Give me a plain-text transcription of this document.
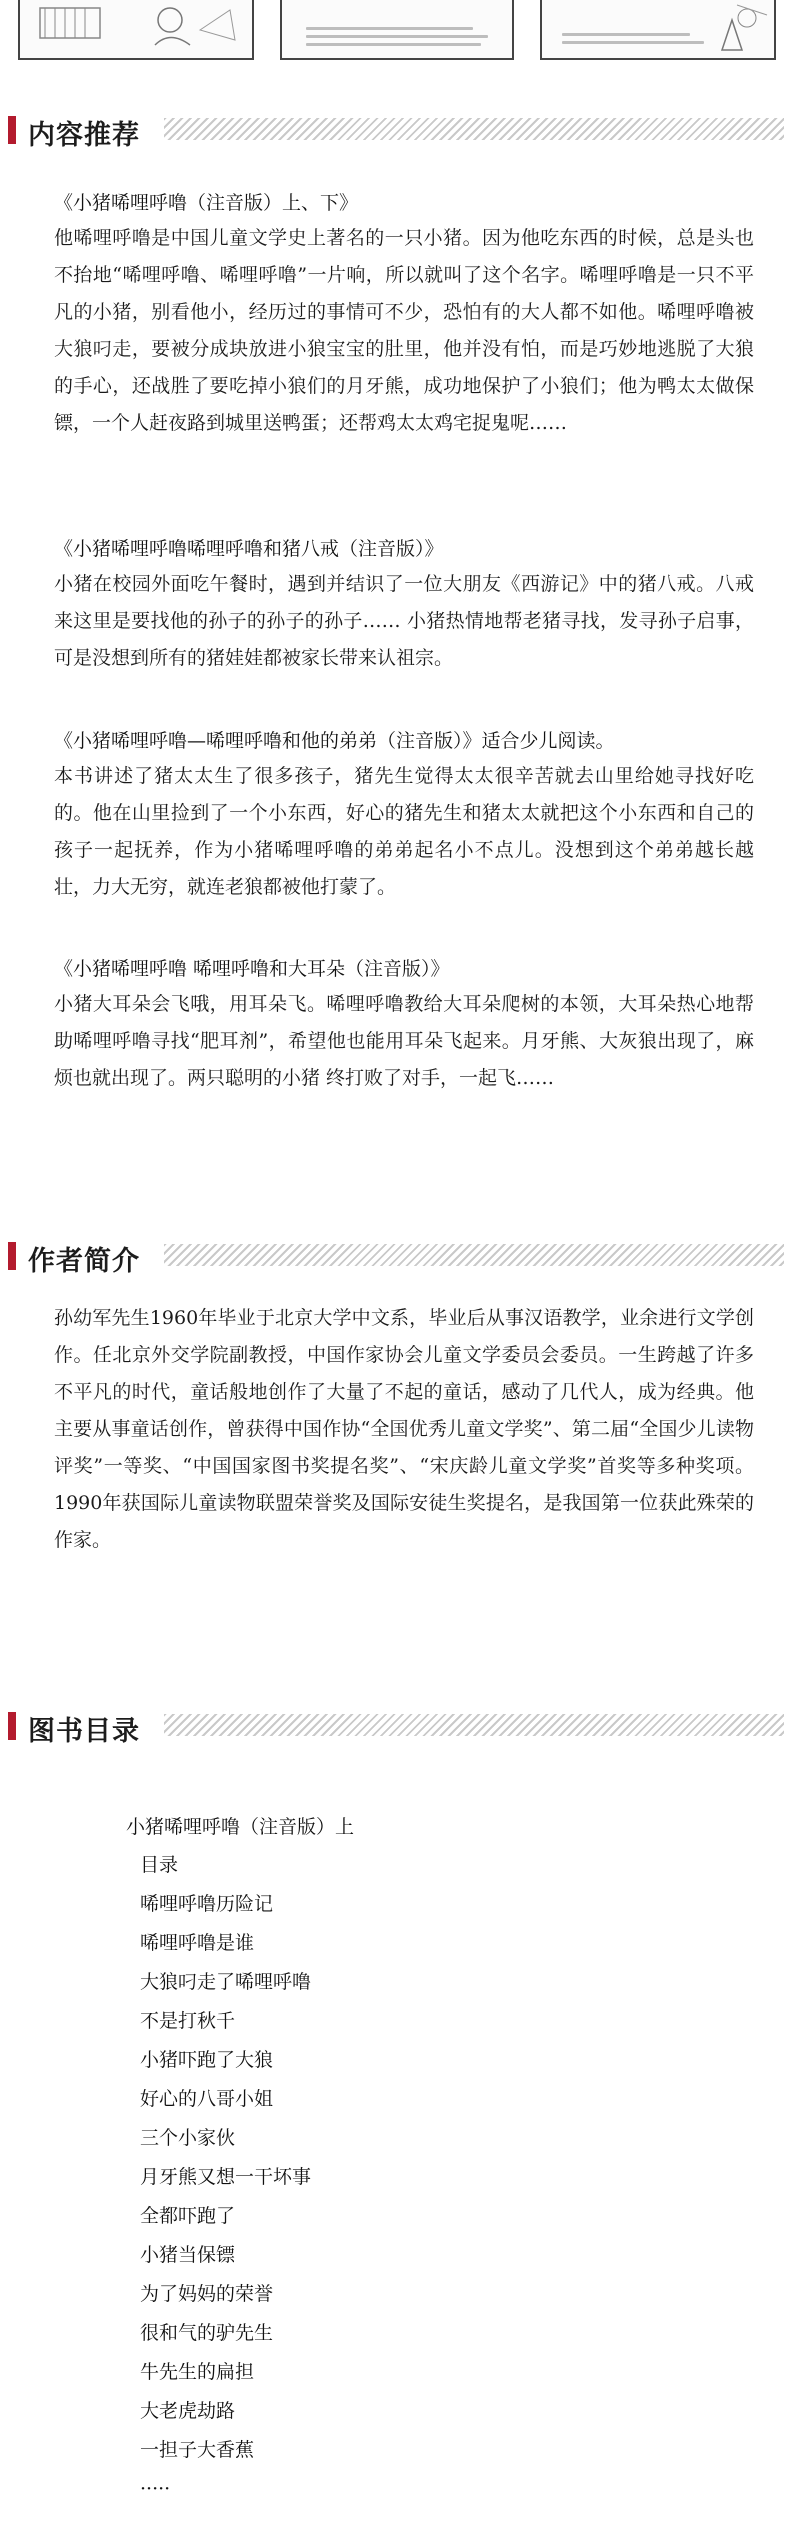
内容推荐
《小猪唏哩呼噜（注音版）上、下》
他唏哩呼噜是中国儿童文学史上著名的一只小猪。因为他吃东西的时候，总是头也不抬地“唏哩呼噜、唏哩呼噜”一片响，所以就叫了这个名字。唏哩呼噜是一只不平凡的小猪，别看他小，经历过的事情可不少，恐怕有的大人都不如他。唏哩呼噜被大狼叼走，要被分成块放进小狼宝宝的肚里，他并没有怕，而是巧妙地逃脱了大狼的手心，还战胜了要吃掉小狼们的月牙熊，成功地保护了小狼们；他为鸭太太做保镖，一个人赶夜路到城里送鸭蛋；还帮鸡太太鸡宅捉鬼呢……
《小猪唏哩呼噜唏哩呼噜和猪八戒（注音版）》
小猪在校园外面吃午餐时，遇到并结识了一位大朋友《西游记》中的猪八戒。八戒来这里是要找他的孙子的孙子的孙子…… 小猪热情地帮老猪寻找，发寻孙子启事，可是没想到所有的猪娃娃都被家长带来认祖宗。
《小猪唏哩呼噜—唏哩呼噜和他的弟弟（注音版）》适合少儿阅读。
本书讲述了猪太太生了很多孩子，猪先生觉得太太很辛苦就去山里给她寻找好吃的。他在山里捡到了一个小东西，好心的猪先生和猪太太就把这个小东西和自己的孩子一起抚养，作为小猪唏哩呼噜的弟弟起名小不点儿。没想到这个弟弟越长越壮，力大无穷，就连老狼都被他打蒙了。
《小猪唏哩呼噜 唏哩呼噜和大耳朵（注音版）》
小猪大耳朵会飞哦，用耳朵飞。唏哩呼噜教给大耳朵爬树的本领，大耳朵热心地帮助唏哩呼噜寻找“肥耳剂”，希望他也能用耳朵飞起来。月牙熊、大灰狼出现了，麻烦也就出现了。两只聪明的小猪 终打败了对手，一起飞……
作者简介
孙幼军先生1960年毕业于北京大学中文系，毕业后从事汉语教学，业余进行文学创作。任北京外交学院副教授，中国作家协会儿童文学委员会委员。一生跨越了许多不平凡的时代，童话般地创作了大量了不起的童话，感动了几代人，成为经典。他主要从事童话创作，曾获得中国作协“全国优秀儿童文学奖”、第二届“全国少儿读物评奖”一等奖、“中国国家图书奖提名奖”、“宋庆龄儿童文学奖”首奖等多种奖项。1990年获国际儿童读物联盟荣誉奖及国际安徒生奖提名，是我国第一位获此殊荣的作家。
图书目录
小猪唏哩呼噜（注音版）上
目录
唏哩呼噜历险记
唏哩呼噜是谁
大狼叼走了唏哩呼噜
不是打秋千
小猪吓跑了大狼
好心的八哥小姐
三个小家伙
月牙熊又想一干坏事
全都吓跑了
小猪当保镖
为了妈妈的荣誉
很和气的驴先生
牛先生的扁担
大老虎劫路
一担子大香蕉
·····
